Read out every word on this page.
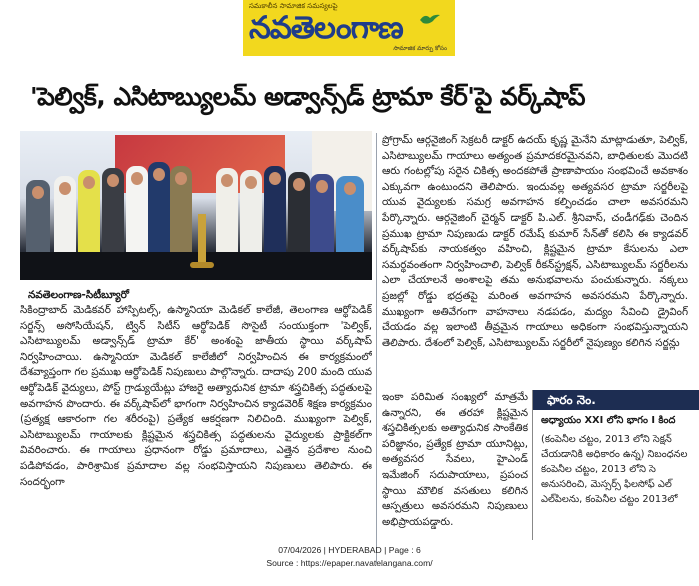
సమకాలీన సామాజిక సమస్యలపై
నవతెలంగాణ
సామాజిక మార్పు కోసం
'పెల్విక్, ఎసిటాబ్యులమ్ అడ్వాన్స్‌డ్ ట్రామా కేర్'పై వర్క్‌షాప్
నవతెలంగాణ-సిటీబ్యూరో

సికింద్రాబాద్ మెడికవర్ హాస్పిటల్స్, ఉస్మానియా మెడికల్ కాలేజీ, తెలంగాణ ఆర్థోపెడిక్ సర్జన్స్ అసోసియేషన్, ట్విన్ సిటీస్ ఆర్థోపెడిక్ సొసైటీ సంయుక్తంగా 'పెల్విక్, ఎసిటాబ్యులమ్ అడ్వాన్స్‌డ్ ట్రామా కేర్' అంశంపై జాతీయ స్థాయి వర్క్‌షాప్ నిర్వహించాయి. ఉస్మానియా మెడికల్ కాలేజీలో నిర్వహించిన ఈ కార్యక్రమంలో దేశవ్యాప్తంగా గల ప్రముఖ ఆర్థోపెడిక్ నిపుణులు పాల్గొన్నారు. దాదాపు 200 మంది యువ ఆర్థోపెడిక్ వైద్యులు, పోస్ట్ గ్రాడ్యుయేట్లు హాజరై అత్యాధునిక ట్రామా శస్త్రచికిత్స పద్ధతులపై అవగాహన పొందారు. ఈ వర్క్‌షాప్‌లో భాగంగా నిర్వహించిన క్యాడవెరిక్ శిక్షణ కార్యక్రమం (ప్రత్యక్ష ఆకారంగా గల శరీరంపై) ప్రత్యేక ఆకర్షణగా నిలిచింది. ముఖ్యంగా పెల్విక్, ఎసిటాబ్యులమ్ గాయాలకు క్లిష్టమైన శస్త్రచికిత్స పద్ధతులను వైద్యులకు ప్రాక్టికల్‌గా వివరించారు. ఈ గాయాలు ప్రధానంగా రోడ్డు ప్రమాదాలు, ఎత్తైన ప్రదేశాల నుంచి పడిపోవడం, పారిశ్రామిక ప్రమాదాల వల్ల సంభవిస్తాయని నిపుణులు తెలిపారు. ఈ సందర్భంగా

ప్రోగ్రామ్ ఆర్గనైజింగ్ సెక్రటరీ డాక్టర్ ఉదయ్ కృష్ణ మైనేని మాట్లాడుతూ, పెల్విక్, ఎసిటాబ్యులమ్ గాయాలు అత్యంత ప్రమాదకరమైనవని, బాధితులకు మొదటి ఆరు గంటల్లోపు సరైన చికిత్స అందకపోతే ప్రాణాపాయం సంభవించే అవకాశం ఎక్కువగా ఉంటుందని తెలిపారు. ఇందువల్ల అత్యవసర ట్రామా సర్జరీలపై యువ వైద్యులకు సమగ్ర అవగాహన కల్పించడం చాలా అవసరమని పేర్కొన్నారు. ఆర్గనైజింగ్ చైర్మన్ డాక్టర్ పి.ఎల్. శ్రీనివాస్, చండీగఢ్‌కు చెందిన ప్రముఖ ట్రామా నిపుణుడు డాక్టర్ రమేష్ కుమార్ సేన్‌తో కలిసి ఈ క్యాడవర్ వర్క్‌షాప్‌కు నాయకత్వం వహించి, క్లిష్టమైన ట్రామా కేసులను ఎలా సమర్థవంతంగా నిర్వహించాలి, పెల్విక్ రీకన్‌స్ట్రక్షన్, ఎసిటాబ్యులమ్ సర్జరీలను ఎలా చేయాలనే అంశాలపై తమ అనుభవాలను పంచుకున్నారు. నక్కలు ప్రజల్లో రోడ్డు భద్రతపై మరింత అవగాహన అవసరమని పేర్కొన్నారు. ముఖ్యంగా అతివేగంగా వాహనాలు నడపడం, మద్యం సేవించి డ్రైవింగ్ చేయడం వల్ల ఇలాంటి తీవ్రమైన గాయాలు అధికంగా సంభవిస్తున్నాయని తెలిపారు. దేశంలో పెల్విక్, ఎసిటాబ్యులమ్ సర్జరీలో నైపుణ్యం కలిగిన సర్జన్లు

ఇంకా పరిమిత సంఖ్యలో మాత్రమే ఉన్నారని, ఈ తరహా క్లిష్టమైన శస్త్రచికిత్సలకు అత్యాధునిక సాంకేతిక పరిజ్ఞానం, ప్రత్యేక ట్రామా యూనిట్లు, అత్యవసర సేవలు, హైఎండ్ ఇమేజింగ్ సదుపాయాలు, ప్రపంచ స్థాయి మౌలిక వసతులు కలిగిన ఆస్పత్రులు అవసరమని నిపుణులు అభిప్రాయపడ్డారు.

ఫారం నెం.
అధ్యాయం XXI లోని భాగం I కింద
(కంపెనీల చట్టం, 2013 లోని సెక్షన్ చేయడానికి అధికారం ఉన్న) నిబంధనల కంపెనీల చట్టం, 2013 లోని సె అనుసరించి, మెస్సర్స్ ఫిలసోఫ్ ఎల్ ఎల్‌పిలను, కంపెనీల చట్టం 2013లో
07/04/2026 | HYDERABAD | Page : 6
Source : https://epaper.navatelangana.com/
